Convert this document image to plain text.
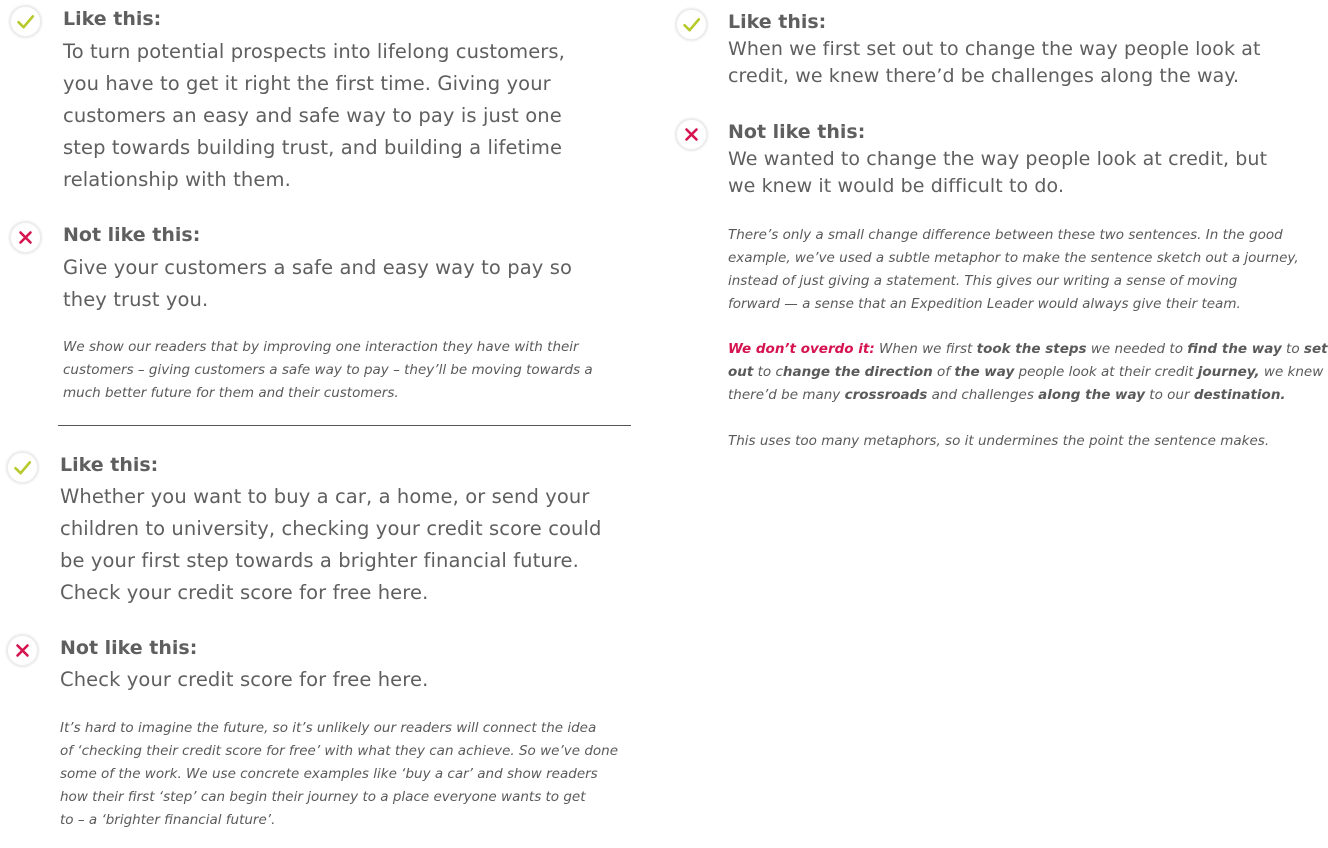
Like this:
To turn potential prospects into lifelong customers,
you have to get it right the first time. Giving your
customers an easy and safe way to pay is just one
step towards building trust, and building a lifetime
relationship with them.
Not like this:
Give your customers a safe and easy way to pay so
they trust you.
We show our readers that by improving one interaction they have with their
customers – giving customers a safe way to pay – they’ll be moving towards a
much better future for them and their customers.
Like this:
Whether you want to buy a car, a home, or send your
children to university, checking your credit score could
be your first step towards a brighter financial future.
Check your credit score for free here.
Not like this:
Check your credit score for free here.
It’s hard to imagine the future, so it’s unlikely our readers will connect the idea
of ‘checking their credit score for free’ with what they can achieve. So we’ve done
some of the work. We use concrete examples like ‘buy a car’ and show readers
how their first ‘step’ can begin their journey to a place everyone wants to get
to – a ‘brighter financial future’.
Like this:
When we first set out to change the way people look at
credit, we knew there’d be challenges along the way.
Not like this:
We wanted to change the way people look at credit, but
we knew it would be difficult to do.
There’s only a small change difference between these two sentences. In the good
example, we’ve used a subtle metaphor to make the sentence sketch out a journey,
instead of just giving a statement. This gives our writing a sense of moving
forward — a sense that an Expedition Leader would always give their team.
We don’t overdo it: When we first took the steps we needed to find the way to set
out to change the direction of the way people look at their credit journey, we knew
there’d be many crossroads and challenges along the way to our destination.
This uses too many metaphors, so it undermines the point the sentence makes.
